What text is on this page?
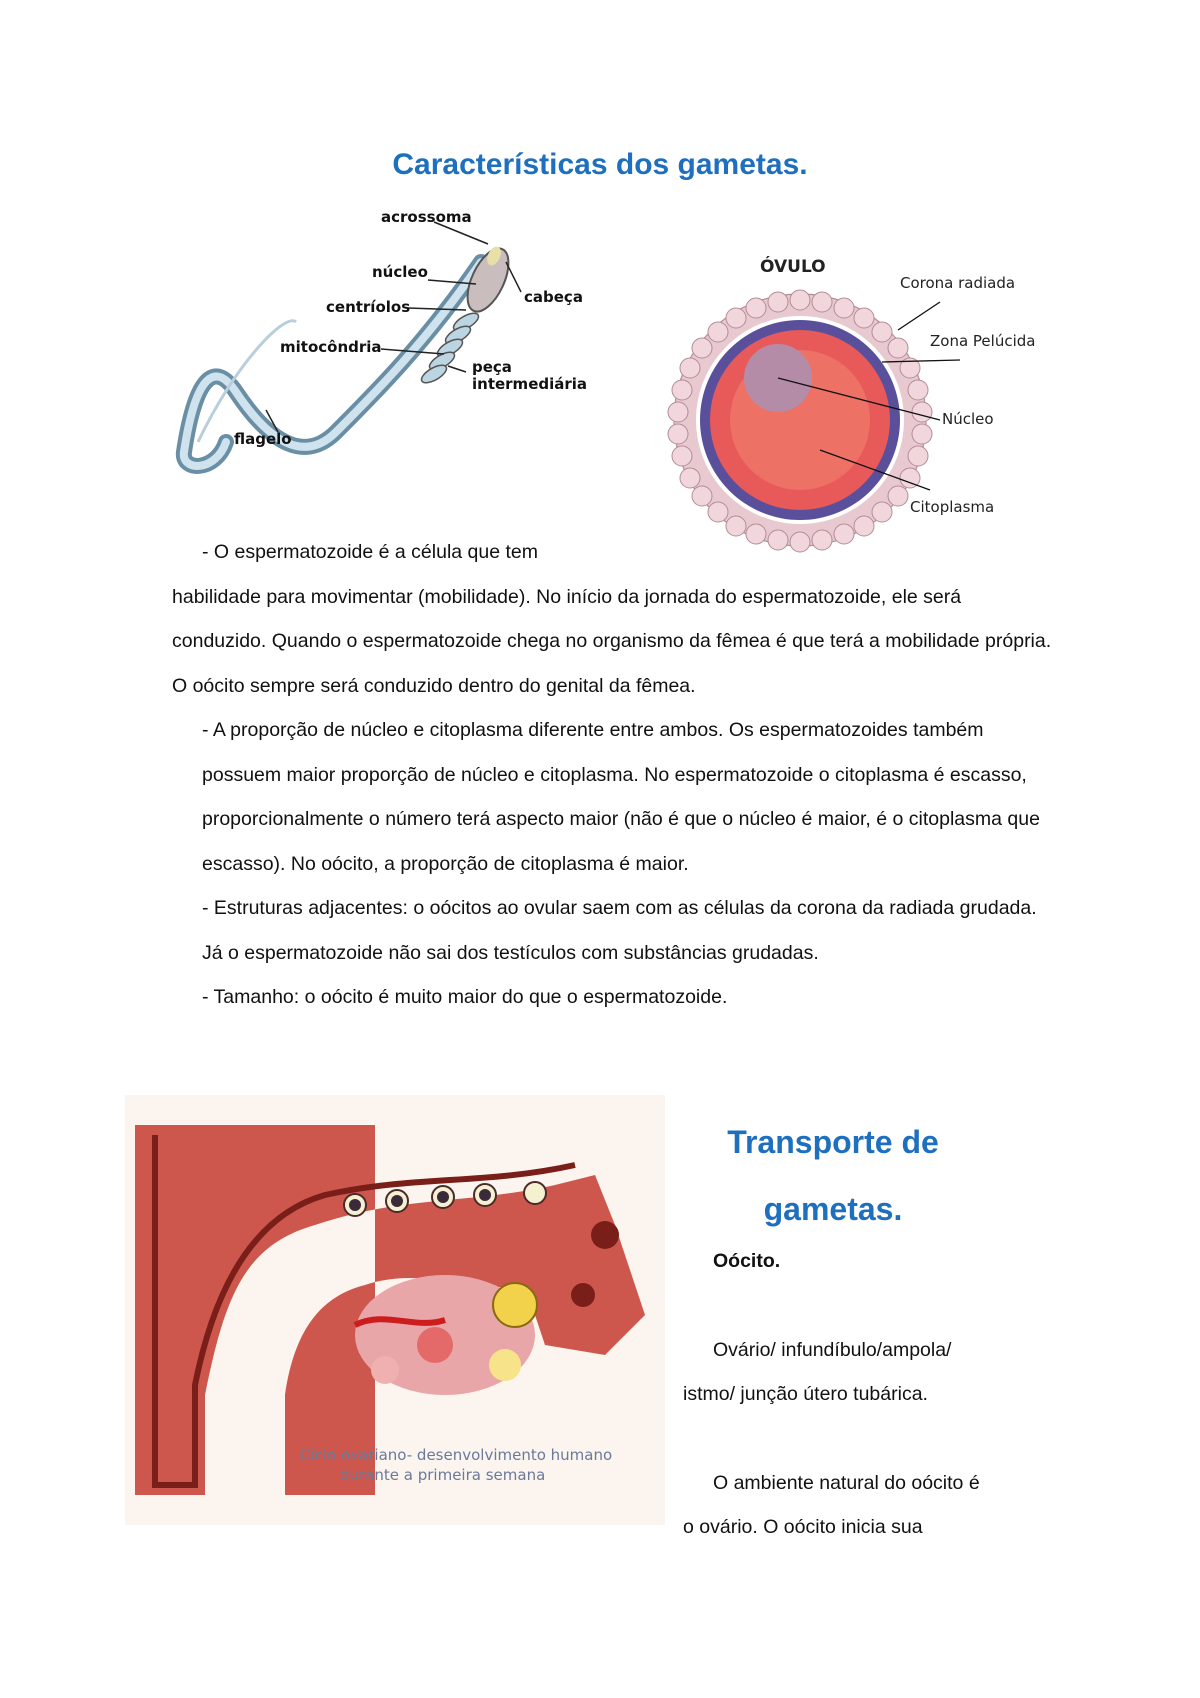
Características dos gametas.
acrossoma
núcleo
centríolos
mitocôndria
flagelo
cabeça
peça
intermediária
ÓVULO
Corona radiada
Zona Pelúcida
Núcleo
Citoplasma

- O espermatozoide é a célula que tem

habilidade para movimentar (mobilidade). No início da jornada do espermatozoide, ele será conduzido. Quando o espermatozoide chega no organismo da fêmea é que terá a mobilidade própria. O oócito sempre será conduzido dentro do genital da fêmea.

- A proporção de núcleo e citoplasma diferente entre ambos. Os espermatozoides também possuem maior proporção de núcleo e citoplasma. No espermatozoide o citoplasma é escasso, proporcionalmente o número terá aspecto maior (não é que o núcleo é maior, é o citoplasma que escasso). No oócito, a proporção de citoplasma é maior.

- Estruturas adjacentes: o oócitos ao ovular saem com as células da corona da radiada grudada. Já o espermatozoide não sai dos testículos com substâncias grudadas.

- Tamanho: o oócito é muito maior do que o espermatozoide.

Ciclo ovariano- desenvolvimento humano
durante a primeira semana
Transporte de
gametas.

Oócito.

Ovário/ infundíbulo/ampola/

istmo/ junção útero tubárica.

O ambiente natural do oócito é

o ovário. O oócito inicia sua
